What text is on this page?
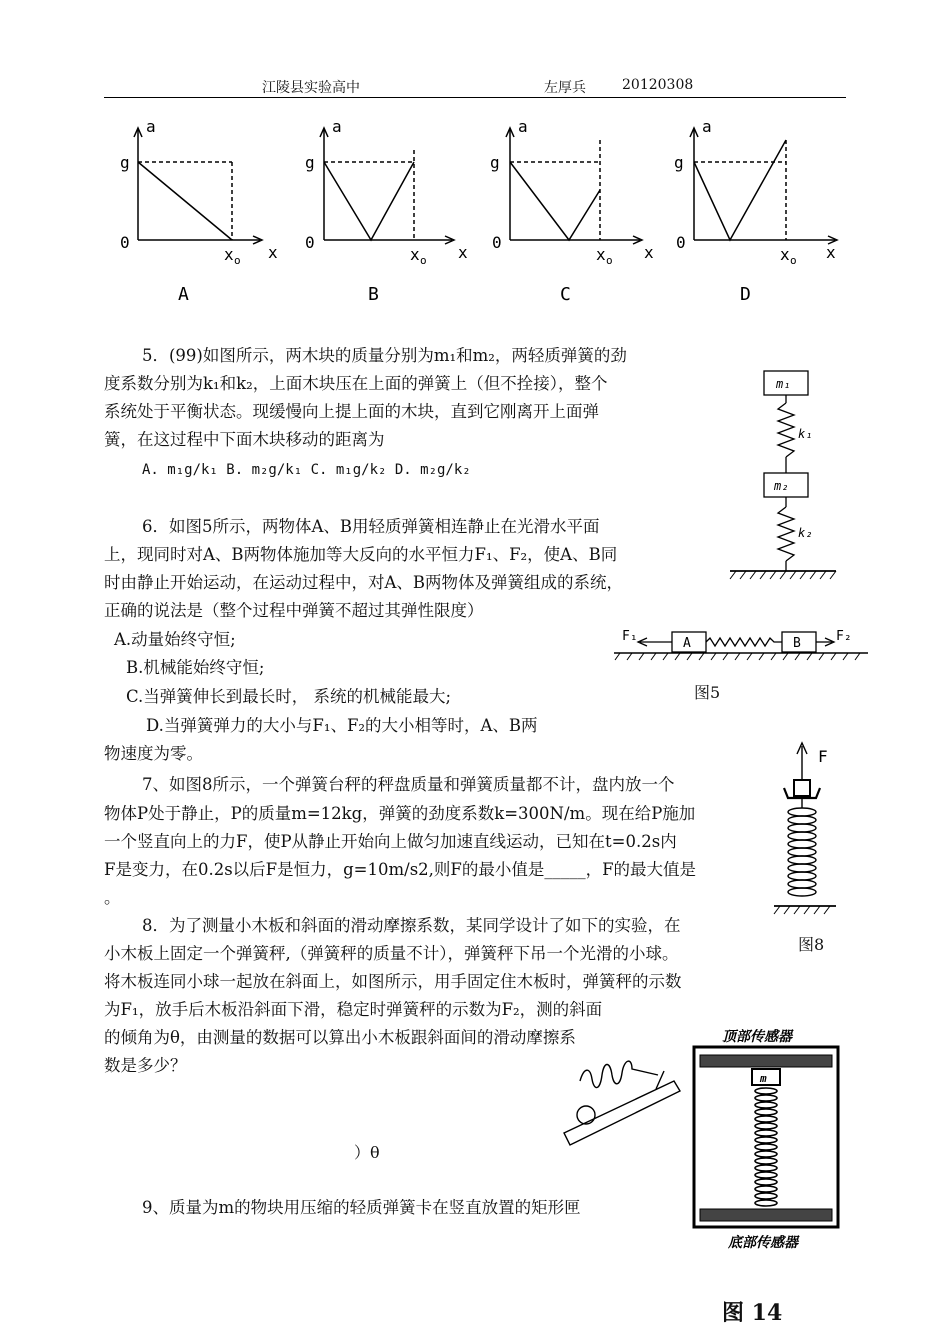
江陵县实验高中	左厚兵	20120308
a
g
0
x o x
a
g
0
x o x
a
g
0
x o x
a
g
0
x o x
A	B	C	D
5．(99)如图所示，两木块的质量分别为m₁和m₂，两轻质弹簧的劲
度系数分别为k₁和k₂，上面木块压在上面的弹簧上（但不拴接），整个
系统处于平衡状态。现缓慢向上提上面的木块，直到它刚离开上面弹
簧，在这过程中下面木块移动的距离为
A. m₁g/k₁ B. m₂g/k₁ C. m₁g/k₂ D. m₂g/k₂
m₁
k₁
m₂
k₂
6．如图5所示，两物体A、B用轻质弹簧相连静止在光滑水平面
上，现同时对A、B两物体施加等大反向的水平恒力F₁、F₂，使A、B同
时由静止开始运动，在运动过程中，对A、B两物体及弹簧组成的系统，
正确的说法是（整个过程中弹簧不超过其弹性限度）
A.动量始终守恒;
B.机械能始终守恒;
C.当弹簧伸长到最长时， 系统的机械能最大;
D.当弹簧弹力的大小与F₁、F₂的大小相等时，A、B两
物速度为零。
F₁	A	B	F₂
图5
7、如图8所示，一个弹簧台秤的秤盘质量和弹簧质量都不计，盘内放一个
物体P处于静止，P的质量m=12kg，弹簧的劲度系数k=300N/m。现在给P施加
一个竖直向上的力F，使P从静止开始向上做匀加速直线运动，已知在t=0.2s内
F是变力，在0.2s以后F是恒力，g=10m/s2,则F的最小值是_____，F的最大值是
。
F
图8
8．为了测量小木板和斜面的滑动摩擦系数，某同学设计了如下的实验，在
小木板上固定一个弹簧秤,（弹簧秤的质量不计），弹簧秤下吊一个光滑的小球。
将木板连同小球一起放在斜面上，如图所示，用手固定住木板时，弹簧秤的示数
为F₁，放手后木板沿斜面下滑，稳定时弹簧秤的示数为F₂，测的斜面
的倾角为θ，由测量的数据可以算出小木板跟斜面间的滑动摩擦系
数是多少？
）θ
顶部传感器
m
底部传感器
图 14
9、质量为m的物块用压缩的轻质弹簧卡在竖直放置的矩形匣
